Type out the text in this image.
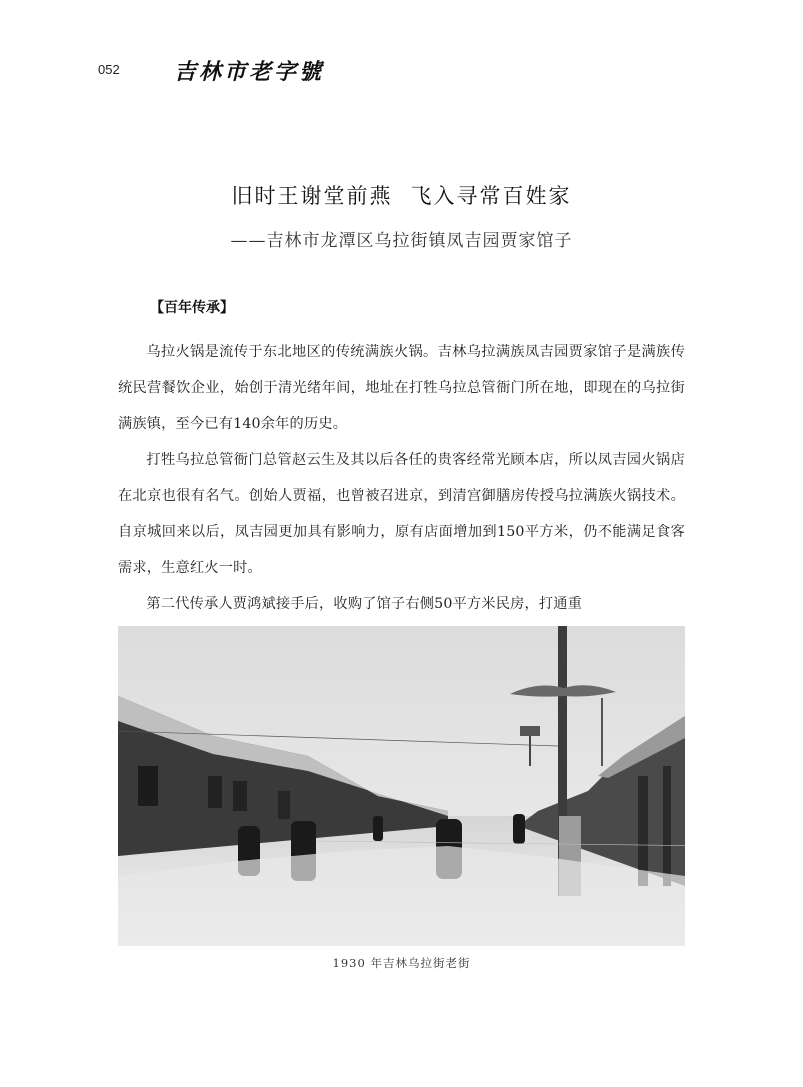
052 吉林市老字號
旧时王谢堂前燕 飞入寻常百姓家
——吉林市龙潭区乌拉街镇凤吉园贾家馆子
【百年传承】

乌拉火锅是流传于东北地区的传统满族火锅。吉林乌拉满族凤吉园贾家馆子是满族传统民营餐饮企业，始创于清光绪年间，地址在打牲乌拉总管衙门所在地，即现在的乌拉街满族镇，至今已有140余年的历史。

打牲乌拉总管衙门总管赵云生及其以后各任的贵客经常光顾本店，所以凤吉园火锅店在北京也很有名气。创始人贾福，也曾被召进京，到清宫御膳房传授乌拉满族火锅技术。自京城回来以后，凤吉园更加具有影响力，原有店面增加到150平方米，仍不能满足食客需求，生意红火一时。

第二代传承人贾鸿斌接手后，收购了馆子右侧50平方米民房，打通重

1930 年吉林乌拉街老街
